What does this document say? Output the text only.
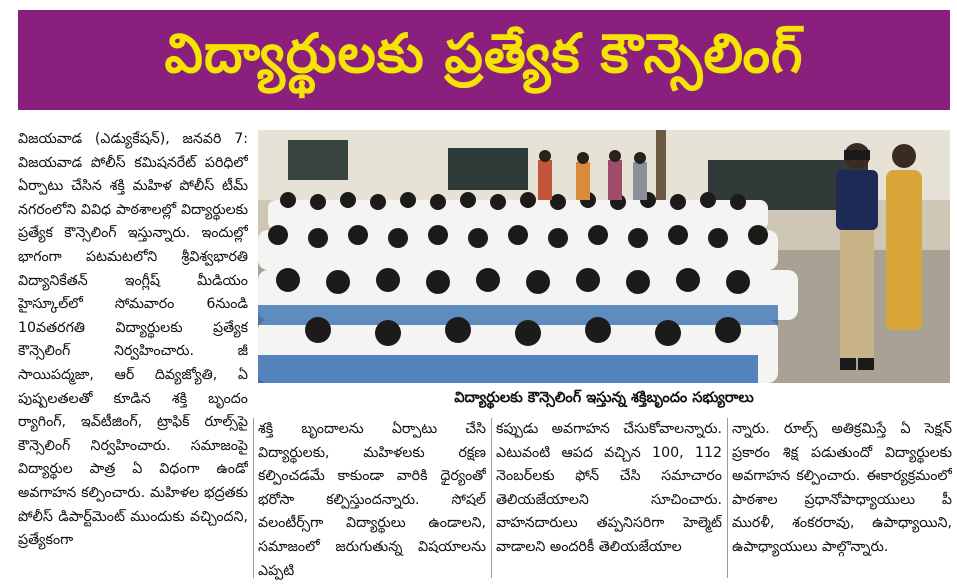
విద్యార్థులకు ప్రత్యేక కౌన్సెలింగ్
విజయవాడ (ఎడ్యుకేషన్), జనవరి 7: విజయవాడ పోలీస్ కమిషనరేట్ పరిధిలో ఏర్పాటు చేసిన శక్తి మహిళ పోలీస్ టీమ్ నగరంలోని వివిధ పాఠశాలల్లో విద్యార్థులకు ప్రత్యేక కౌన్సెలింగ్ ఇస్తున్నారు. ఇందుల్లో భాగంగా పటమటలోని శ్రీవిశ్వభారతి విద్యానికేతన్ ఇంగ్లీష్ మీడియం హైస్కూల్‌లో సోమవారం 6నుండి 10వతరగతి విద్యార్థులకు ప్రత్యేక కౌన్సెలింగ్ నిర్వహించారు. జీ సాయిపద్మజా, ఆర్ దివ్యజ్యోతి, ఏ పుష్పలతలతో కూడిన శక్తి బృందం ర్యాగింగ్, ఇవ్‌టీజింగ్, ట్రాఫిక్ రూల్స్‌పై కౌన్సెలింగ్ నిర్వహించారు. సమాజంపై విద్యార్థుల పాత్ర ఏ విధంగా ఉండో అవగాహన కల్పించారు. మహిళల భద్రతకు పోలీస్ డిపార్ట్‌మెంట్ ముందుకు వచ్చిందని, ప్రత్యేకంగా
విద్యార్థులకు కౌన్సెలింగ్ ఇస్తున్న శక్తిబృందం సభ్యురాలు
శక్తి బృందాలను ఏర్పాటు చేసి విద్యార్థులకు, మహిళలకు రక్షణ కల్పించడమే కాకుండా వారికి ధైర్యంతో భరోసా కల్పిస్తుందన్నారు. సోషల్ వలంటీర్స్‌గా విద్యార్థులు ఉండాలని, సమాజంలో జరుగుతున్న విషయాలను ఎప్పటి
కప్పుడు అవగాహన చేసుకోవాలన్నారు. ఎటువంటి ఆపద వచ్చిన 100, 112 నెంబర్‌లకు ఫోన్ చేసి సమాచారం తెలియజేయాలని సూచించారు. వాహనదారులు తప్పనిసరిగా హెల్మెట్ వాడాలని అందరికీ తెలియజేయాల
న్నారు. రూల్స్ అతిక్రమిస్తే ఏ సెక్షన్ ప్రకారం శిక్ష పడుతుందో విద్యార్థులకు అవగాహన కల్పించారు. ఈకార్యక్రమంలో పాఠశాల ప్రధానోపాధ్యాయులు పీ మురళీ, శంకరరావు, ఉపాధ్యాయిని, ఉపాధ్యాయులు పాల్గొన్నారు.
